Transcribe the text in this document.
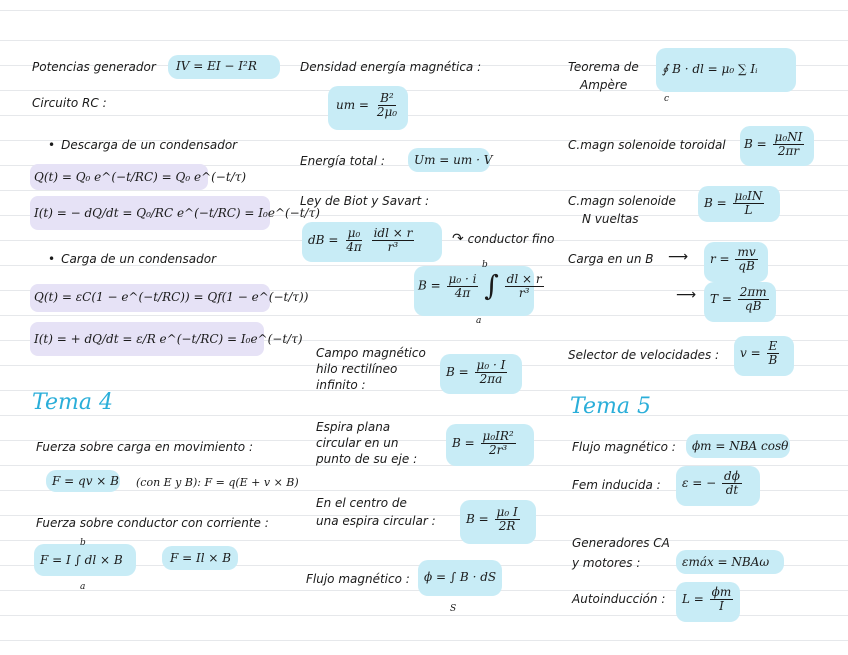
Potencias generador IV = EI − I²R
Circuito RC :
• Descarga de un condensador
Q(t) = Q₀ e^(−t/RC) = Q₀ e^(−t/τ)
I(t) = − dQ/dt = Q₀/RC e^(−t/RC) = I₀e^(−t/τ)
• Carga de un condensador
Q(t) = εC(1 − e^(−t/RC)) = Qf(1 − e^(−t/τ))
I(t) = + dQ/dt = ε/R e^(−t/RC) = I₀e^(−t/τ)
Tema 4
Fuerza sobre carga en movimiento :
F = qv × B (con E y B): F = q(E + v × B)
Fuerza sobre conductor con corriente :
F = I ∫ dl × B
b
a
F = Il × B
Densidad energía magnética :
um = $\frac{\text{B²}}{\text{2μ₀}}$
Energía total : Um = um · V
Ley de Biot y Savart :
dB = $\frac{\text{μ₀}}{4\pi}$
$\frac{\text{idl × r}}{\text{r³}}$	↷ conductor fino
$B = \frac{\text{μ₀ · i}}{4\pi}$ ∫ $\frac{dl \times r}{\text{r³}}$
b
a
Campo magnético
hilo rectilíneo
infinito :
$B = \frac{\text{μ₀ · I}}{2\pi a}$
Espira plana
circular en un
punto de su eje :
$B = \frac{\text{μ₀IR²}}{\text{2r³}}$
En el centro de
una espira circular :	$B = \frac{\text{μ₀ I}}{2R}$
Flujo magnético : ϕ = ∫ B · dS
S
Teorema de
Ampère
∮ B · dl = μ₀ ∑ Iᵢ
c
C.magn solenoide toroidal $B = \frac{\text{μ₀NI}}{2\pi r}$
C.magn solenoide
N vueltas
$B = \frac{\text{μ₀IN}}{L}$
Carga en un B ⟶ $r = \frac{mv}{qB}$
⟶ $T = \frac{2\pi m}{qB}$
Selector de velocidades : $v = \frac{E}{B}$
Tema 5
Flujo magnético : ϕm = NBA cosθ
Fem inducida : ε = − $\frac{d\phi}{dt}$
Generadores CA
y motores :	εmáx = NBAω
Autoinducción : $L = \frac{\phi m}{I}$
